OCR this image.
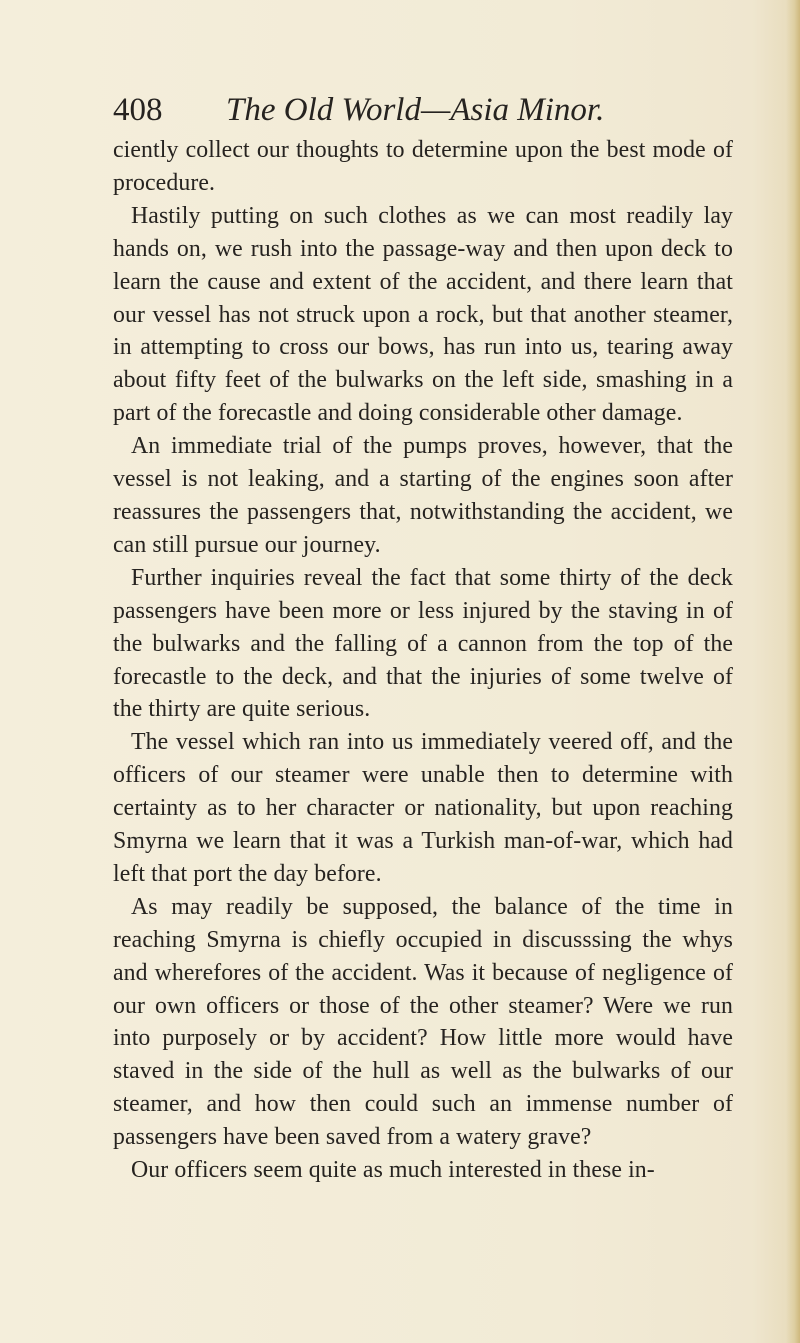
408 The Old World—Asia Minor.

ciently collect our thoughts to determine upon the best mode of procedure.

Hastily putting on such clothes as we can most readily lay hands on, we rush into the passage-way and then upon deck to learn the cause and extent of the accident, and there learn that our vessel has not struck upon a rock, but that another steamer, in attempting to cross our bows, has run into us, tearing away about fifty feet of the bulwarks on the left side, smashing in a part of the forecastle and doing considerable other damage.

An immediate trial of the pumps proves, however, that the vessel is not leaking, and a starting of the engines soon after reassures the passengers that, notwithstanding the accident, we can still pursue our journey.

Further inquiries reveal the fact that some thirty of the deck passengers have been more or less injured by the staving in of the bulwarks and the falling of a cannon from the top of the forecastle to the deck, and that the injuries of some twelve of the thirty are quite serious.

The vessel which ran into us immediately veered off, and the officers of our steamer were unable then to determine with certainty as to her character or nationality, but upon reaching Smyrna we learn that it was a Turkish man-of-war, which had left that port the day before.

As may readily be supposed, the balance of the time in reaching Smyrna is chiefly occupied in discusssing the whys and wherefores of the accident. Was it because of negligence of our own officers or those of the other steamer? Were we run into purposely or by accident? How little more would have staved in the side of the hull as well as the bulwarks of our steamer, and how then could such an immense number of passengers have been saved from a watery grave?

Our officers seem quite as much interested in these in-
